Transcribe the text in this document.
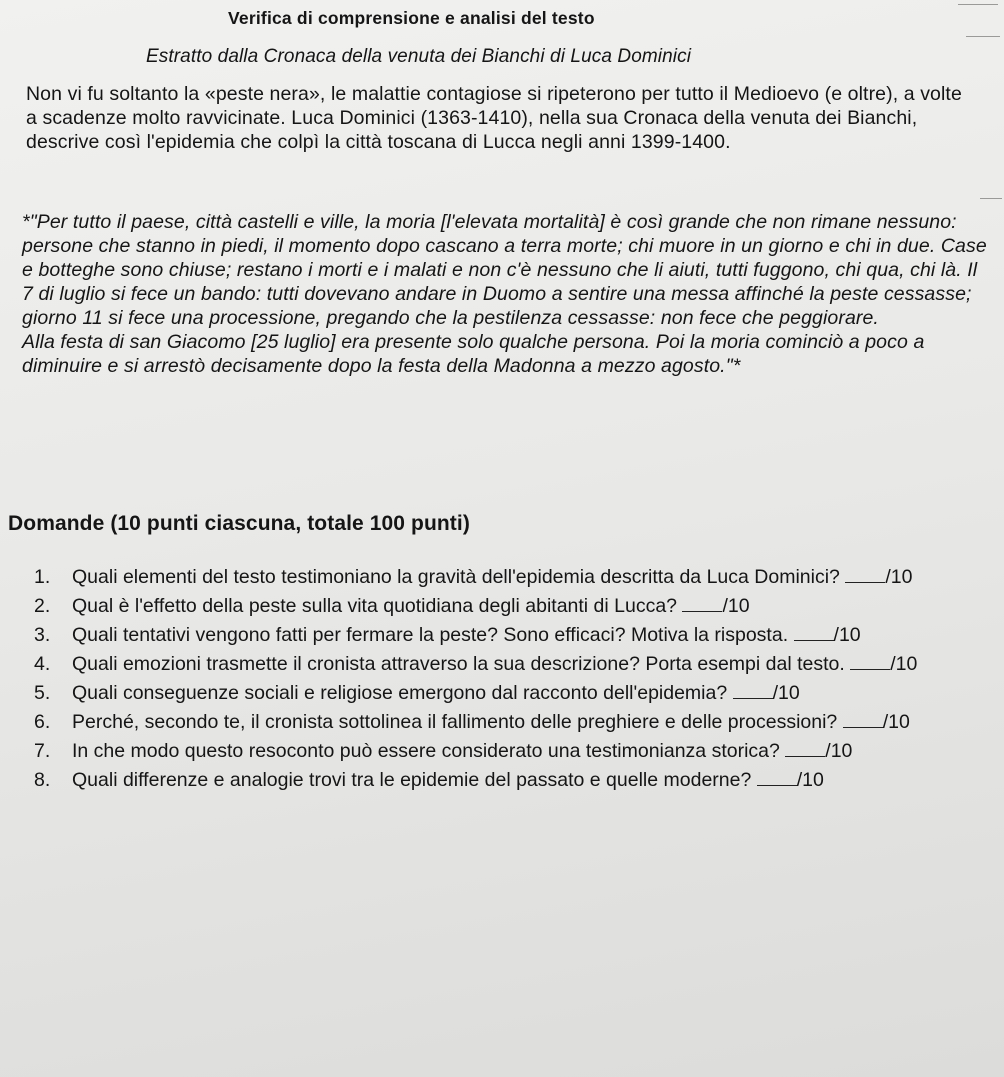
Verifica di comprensione e analisi del testo
Estratto dalla Cronaca della venuta dei Bianchi di Luca Dominici
Non vi fu soltanto la «peste nera», le malattie contagiose si ripeterono per tutto il Medioevo (e oltre), a volte a scadenze molto ravvicinate. Luca Dominici (1363-1410), nella sua Cronaca della venuta dei Bianchi, descrive così l'epidemia che colpì la città toscana di Lucca negli anni 1399-1400.

*"Per tutto il paese, città castelli e ville, la moria [l'elevata mortalità] è così grande che non rimane nessuno: persone che stanno in piedi, il momento dopo cascano a terra morte; chi muore in un giorno e chi in due. Case e botteghe sono chiuse; restano i morti e i malati e non c'è nessuno che li aiuti, tutti fuggono, chi qua, chi là. Il 7 di luglio si fece un bando: tutti dovevano andare in Duomo a sentire una messa affinché la peste cessasse; giorno 11 si fece una processione, pregando che la pestilenza cessasse: non fece che peggiorare.

Alla festa di san Giacomo [25 luglio] era presente solo qualche persona. Poi la moria cominciò a poco a diminuire e si arrestò decisamente dopo la festa della Madonna a mezzo agosto."*

Domande (10 punti ciascuna, totale 100 punti)
1. Quali elementi del testo testimoniano la gravità dell'epidemia descritta da Luca Dominici? /10
2. Qual è l'effetto della peste sulla vita quotidiana degli abitanti di Lucca? /10
3. Quali tentativi vengono fatti per fermare la peste? Sono efficaci? Motiva la risposta. /10
4. Quali emozioni trasmette il cronista attraverso la sua descrizione? Porta esempi dal testo. /10
5. Quali conseguenze sociali e religiose emergono dal racconto dell'epidemia? /10
6. Perché, secondo te, il cronista sottolinea il fallimento delle preghiere e delle processioni? /10
7. In che modo questo resoconto può essere considerato una testimonianza storica? /10
8. Quali differenze e analogie trovi tra le epidemie del passato e quelle moderne? /10
